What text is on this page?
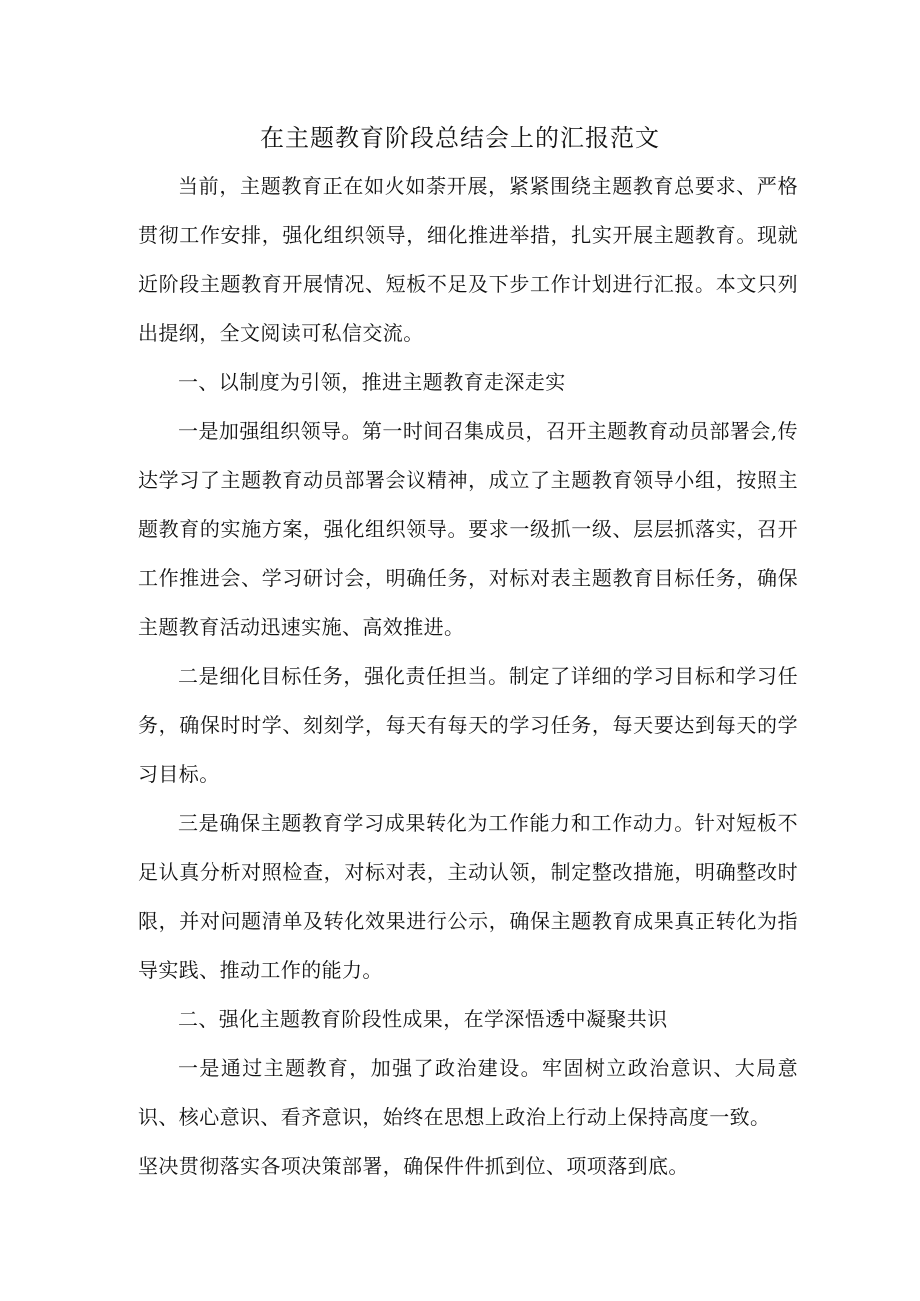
在主题教育阶段总结会上的汇报范文

当前，主题教育正在如火如荼开展，紧紧围绕主题教育总要求、严格贯彻工作安排，强化组织领导，细化推进举措，扎实开展主题教育。现就近阶段主题教育开展情况、短板不足及下步工作计划进行汇报。本文只列出提纲，全文阅读可私信交流。

一、以制度为引领，推进主题教育走深走实

一是加强组织领导。第一时间召集成员，召开主题教育动员部署会,传达学习了主题教育动员部署会议精神，成立了主题教育领导小组，按照主题教育的实施方案，强化组织领导。要求一级抓一级、层层抓落实，召开工作推进会、学习研讨会，明确任务，对标对表主题教育目标任务，确保主题教育活动迅速实施、高效推进。

二是细化目标任务，强化责任担当。制定了详细的学习目标和学习任务，确保时时学、刻刻学，每天有每天的学习任务，每天要达到每天的学习目标。

三是确保主题教育学习成果转化为工作能力和工作动力。针对短板不足认真分析对照检查，对标对表，主动认领，制定整改措施，明确整改时限，并对问题清单及转化效果进行公示，确保主题教育成果真正转化为指导实践、推动工作的能力。

二、强化主题教育阶段性成果，在学深悟透中凝聚共识

一是通过主题教育，加强了政治建设。牢固树立政治意识、大局意识、核心意识、看齐意识，始终在思想上政治上行动上保持高度一致。

坚决贯彻落实各项决策部署，确保件件抓到位、项项落到底。
